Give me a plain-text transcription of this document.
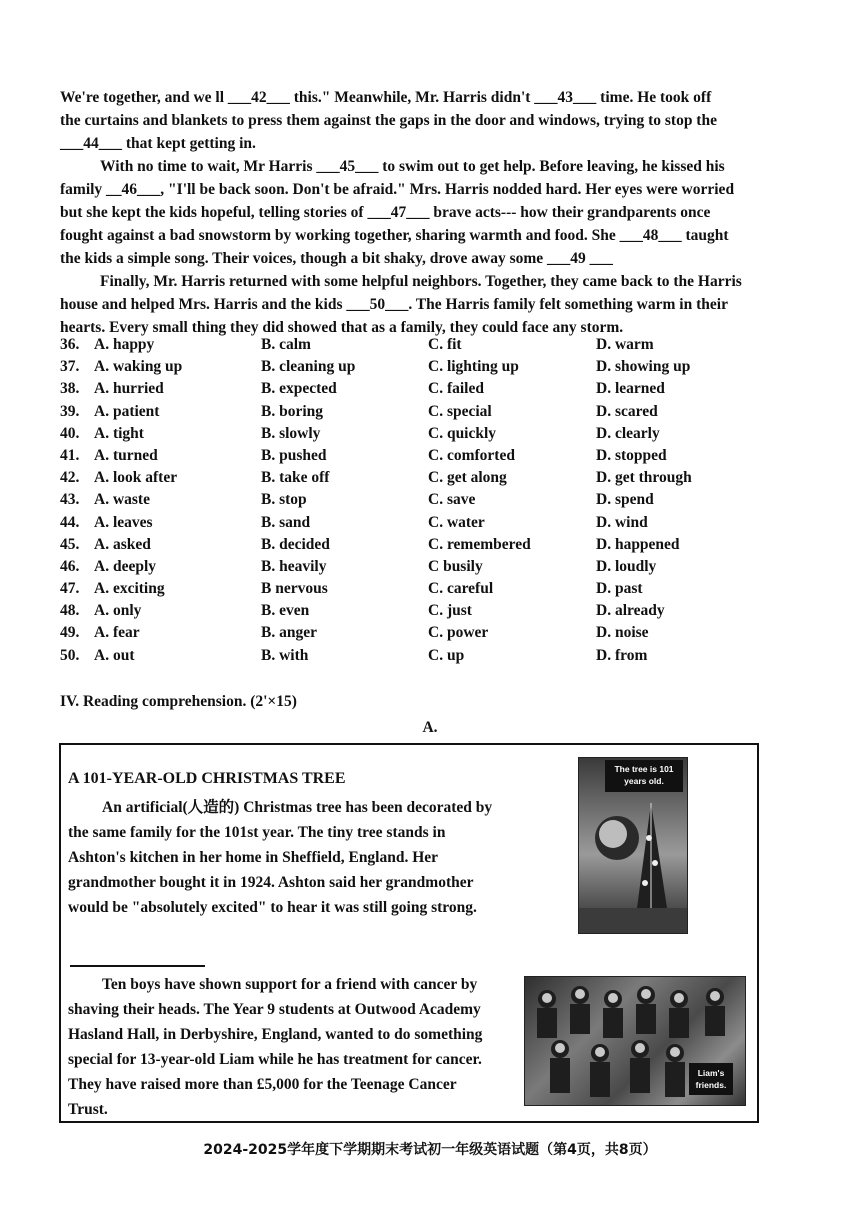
We're together, and we ll ___42___ this." Meanwhile, Mr. Harris didn't ___43___ time. He took off
the curtains and blankets to press them against the gaps in the door and windows, trying to stop the
___44___ that kept getting in.
With no time to wait, Mr Harris ___45___ to swim out to get help. Before leaving, he kissed his
family __46___, "I'll be back soon. Don't be afraid." Mrs. Harris nodded hard. Her eyes were worried
but she kept the kids hopeful, telling stories of ___47___ brave acts--- how their grandparents once
fought against a bad snowstorm by working together, sharing warmth and food. She ___48___ taught
the kids a simple song. Their voices, though a bit shaky, drove away some ___49 ___
Finally, Mr. Harris returned with some helpful neighbors. Together, they came back to the Harris
house and helped Mrs. Harris and the kids ___50___. The Harris family felt something warm in their
hearts. Every small thing they did showed that as a family, they could face any storm.
36. A. happy	B. calm	C. fit	D. warm
37. A. waking up	B. cleaning up	C. lighting up	D. showing up
38. A. hurried	B. expected	C. failed	D. learned
39. A. patient	B. boring	C. special	D. scared
40. A. tight	B. slowly	C. quickly	D. clearly
41. A. turned	B. pushed	C. comforted	D. stopped
42. A. look after	B. take off	C. get along	D. get through
43. A. waste	B. stop	C. save	D. spend
44. A. leaves	B. sand	C. water	D. wind
45. A. asked	B. decided	C. remembered	D. happened
46. A. deeply	B. heavily	C busily	D. loudly
47. A. exciting	B nervous	C. careful	D. past
48. A. only	B. even	C. just	D. already
49. A. fear	B. anger	C. power	D. noise
50. A. out	B. with	C. up	D. from
IV. Reading comprehension. (2'×15)
A.
A 101-YEAR-OLD CHRISTMAS TREE
An artificial(人造的) Christmas tree has been decorated by
the same family for the 101st year. The tiny tree stands in
Ashton's kitchen in her home in Sheffield, England. Her
grandmother bought it in 1924. Ashton said her grandmother
would be "absolutely excited" to hear it was still going strong.
The tree is 101
years old.
Ten boys have shown support for a friend with cancer by
shaving their heads. The Year 9 students at Outwood Academy
Hasland Hall, in Derbyshire, England, wanted to do something
special for 13-year-old Liam while he has treatment for cancer.
They have raised more than £5,000 for the Teenage Cancer
Trust.
Liam's
friends.
2024-2025学年度下学期期末考试初一年级英语试题（第4页，共8页）
